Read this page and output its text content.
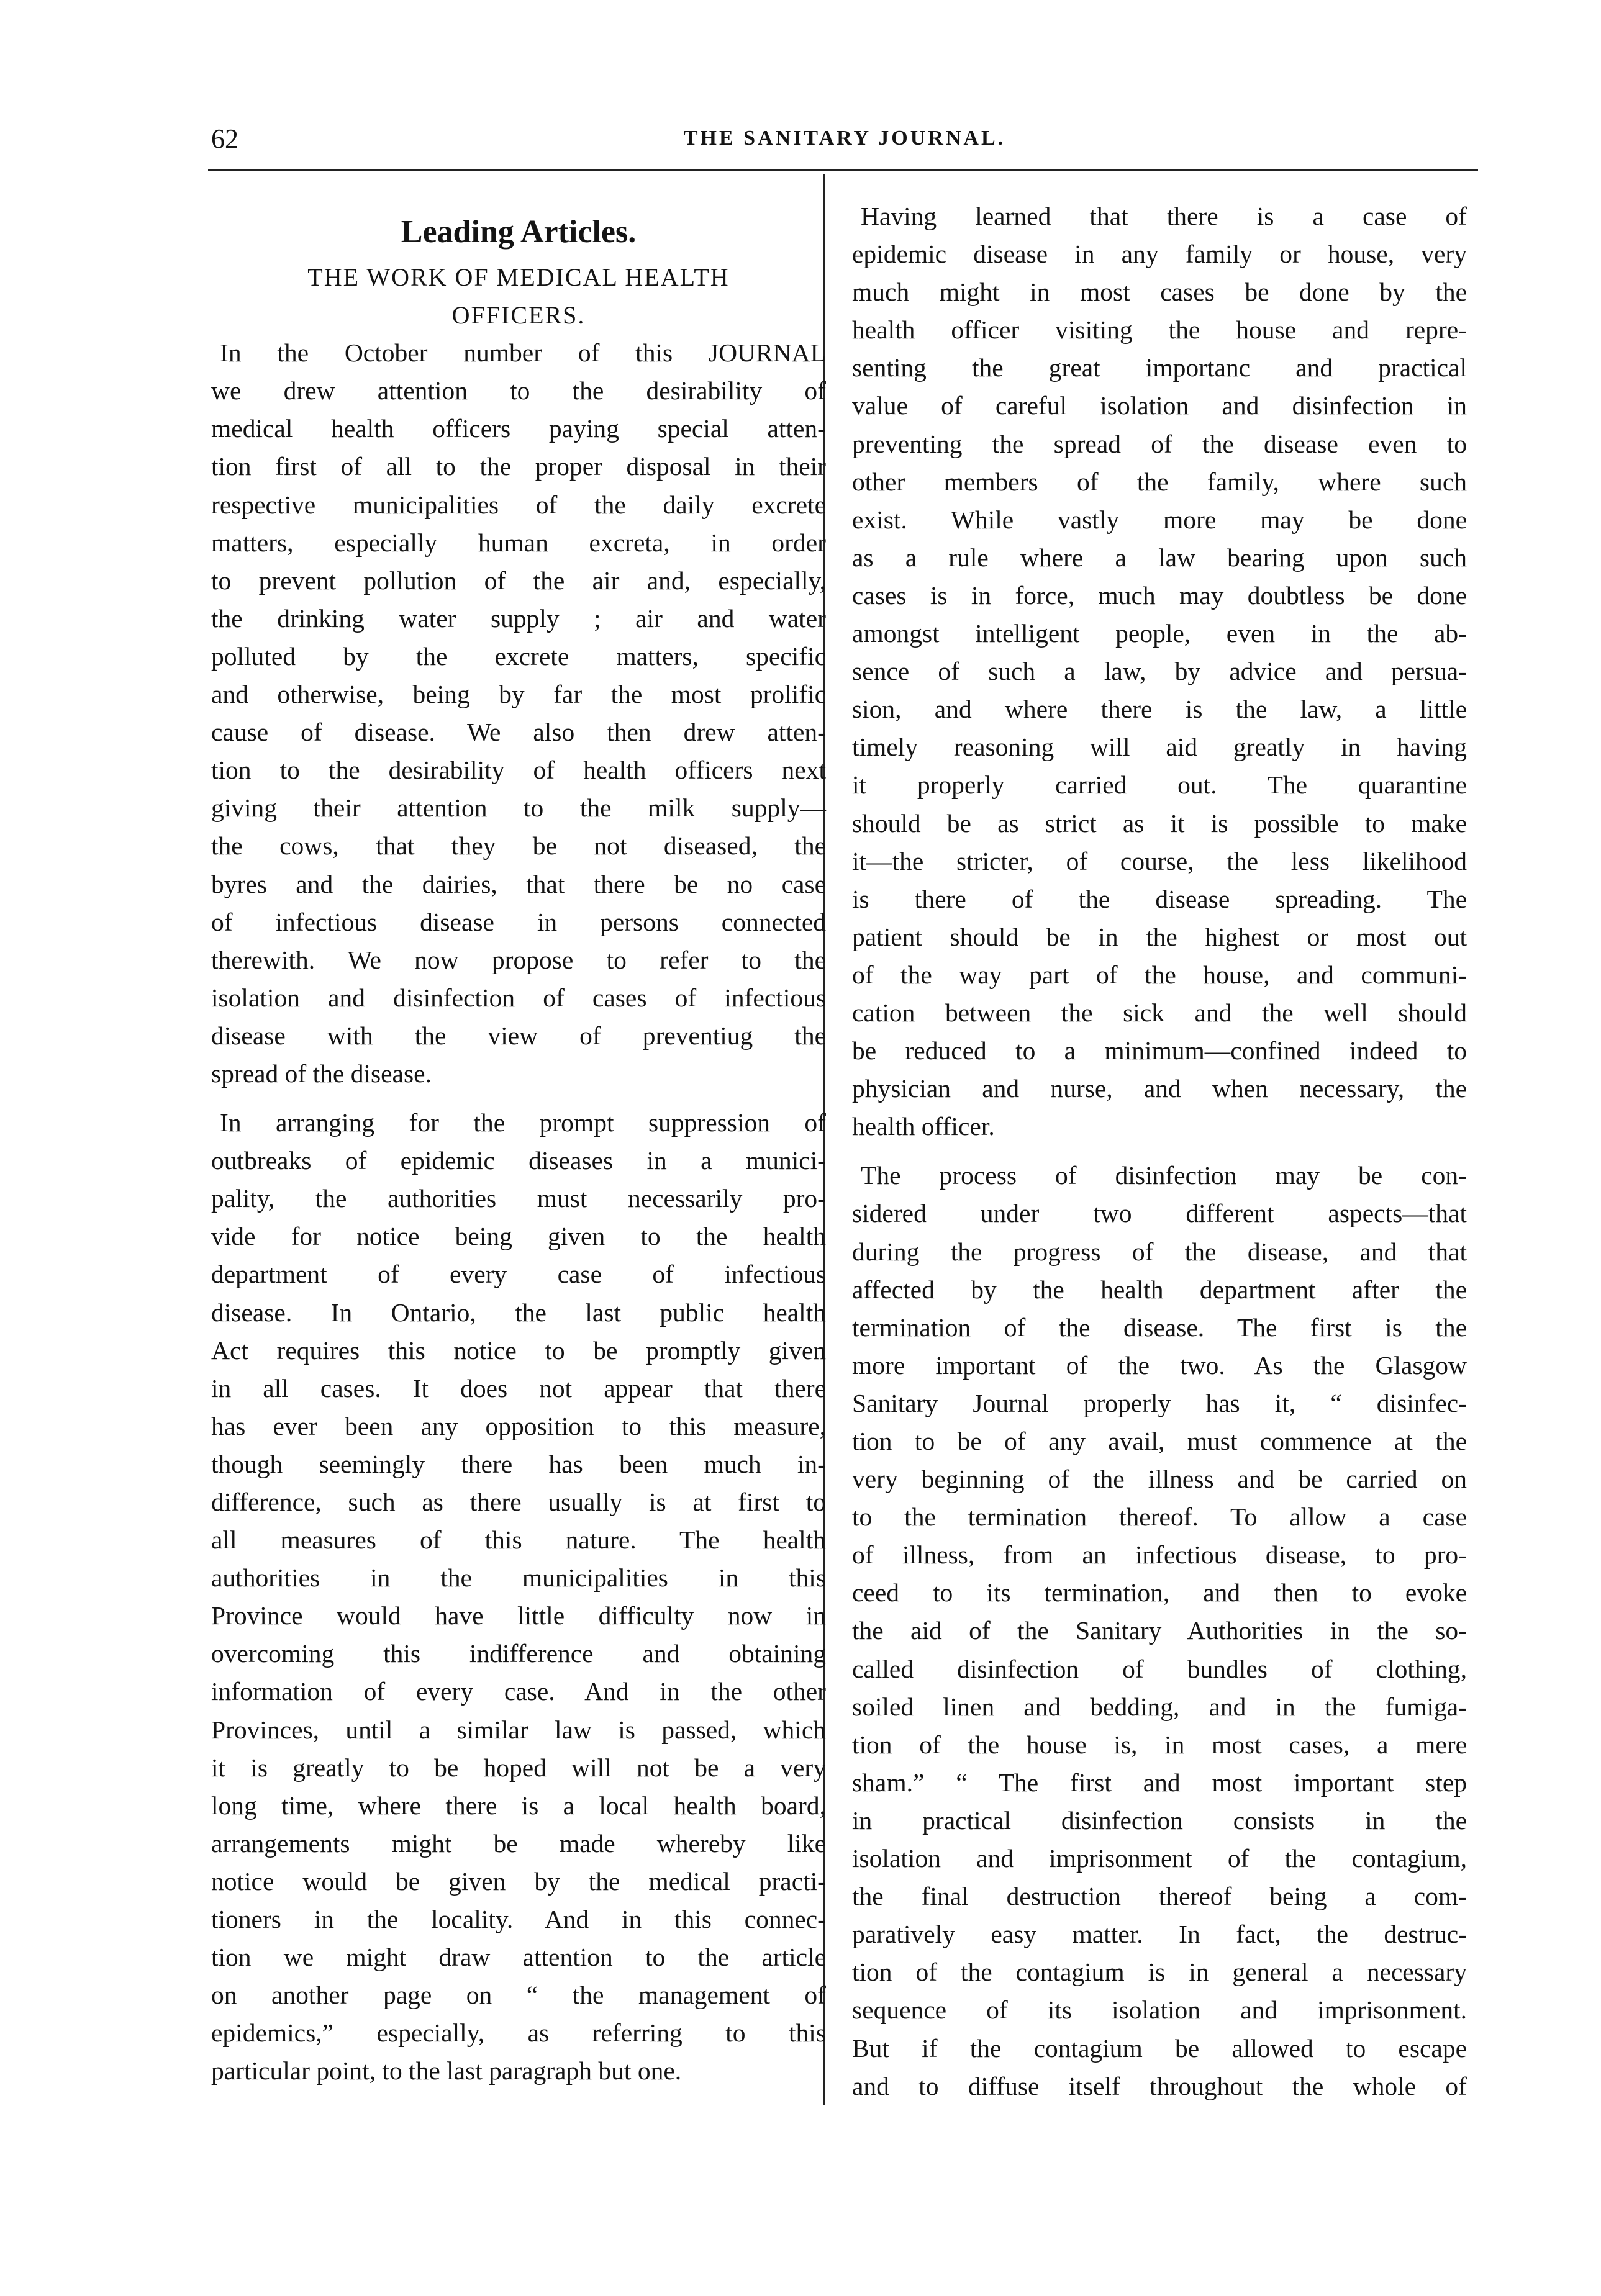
62	THE SANITARY JOURNAL.
Leading Articles.
THE WORK OF MEDICAL HEALTH
OFFICERS.
In the October number of this JOURNAL
we drew attention to the desirability of
medical health officers paying special atten-
tion first of all to the proper disposal in their
respective municipalities of the daily excrete
matters, especially human excreta, in order
to prevent pollution of the air and, especially,
the drinking water supply ; air and water
polluted by the excrete matters, specific
and otherwise, being by far the most prolific
cause of disease. We also then drew atten-
tion to the desirability of health officers next
giving their attention to the milk supply—
the cows, that they be not diseased, the
byres and the dairies, that there be no case
of infectious disease in persons connected
therewith. We now propose to refer to the
isolation and disinfection of cases of infectious
disease with the view of preventiug the
spread of the disease.
In arranging for the prompt suppression of
outbreaks of epidemic diseases in a munici-
pality, the authorities must necessarily pro-
vide for notice being given to the health
department of every case of infectious
disease. In Ontario, the last public health
Act requires this notice to be promptly given
in all cases. It does not appear that there
has ever been any opposition to this measure,
though seemingly there has been much in-
difference, such as there usually is at first to
all measures of this nature. The health
authorities in the municipalities in this
Province would have little difficulty now in
overcoming this indifference and obtaining
information of every case. And in the other
Provinces, until a similar law is passed, which
it is greatly to be hoped will not be a very
long time, where there is a local health board,
arrangements might be made whereby like
notice would be given by the medical practi-
tioners in the locality. And in this connec-
tion we might draw attention to the article
on another page on “ the management of
epidemics,” especially, as referring to this
particular point, to the last paragraph but one.
Having learned that there is a case of
epidemic disease in any family or house, very
much might in most cases be done by the
health officer visiting the house and repre-
senting the great importanc and practical
value of careful isolation and disinfection in
preventing the spread of the disease even to
other members of the family, where such
exist. While vastly more may be done
as a rule where a law bearing upon such
cases is in force, much may doubtless be done
amongst intelligent people, even in the ab-
sence of such a law, by advice and persua-
sion, and where there is the law, a little
timely reasoning will aid greatly in having
it properly carried out. The quarantine
should be as strict as it is possible to make
it—the stricter, of course, the less likelihood
is there of the disease spreading. The
patient should be in the highest or most out
of the way part of the house, and communi-
cation between the sick and the well should
be reduced to a minimum—confined indeed to
physician and nurse, and when necessary, the
health officer.
The process of disinfection may be con-
sidered under two different aspects—that
during the progress of the disease, and that
affected by the health department after the
termination of the disease. The first is the
more important of the two. As the Glasgow
Sanitary Journal properly has it, “ disinfec-
tion to be of any avail, must commence at the
very beginning of the illness and be carried on
to the termination thereof. To allow a case
of illness, from an infectious disease, to pro-
ceed to its termination, and then to evoke
the aid of the Sanitary Authorities in the so-
called disinfection of bundles of clothing,
soiled linen and bedding, and in the fumiga-
tion of the house is, in most cases, a mere
sham.” “ The first and most important step
in practical disinfection consists in the
isolation and imprisonment of the contagium,
the final destruction thereof being a com-
paratively easy matter. In fact, the destruc-
tion of the contagium is in general a necessary
sequence of its isolation and imprisonment.
But if the contagium be allowed to escape
and to diffuse itself throughout the whole of
